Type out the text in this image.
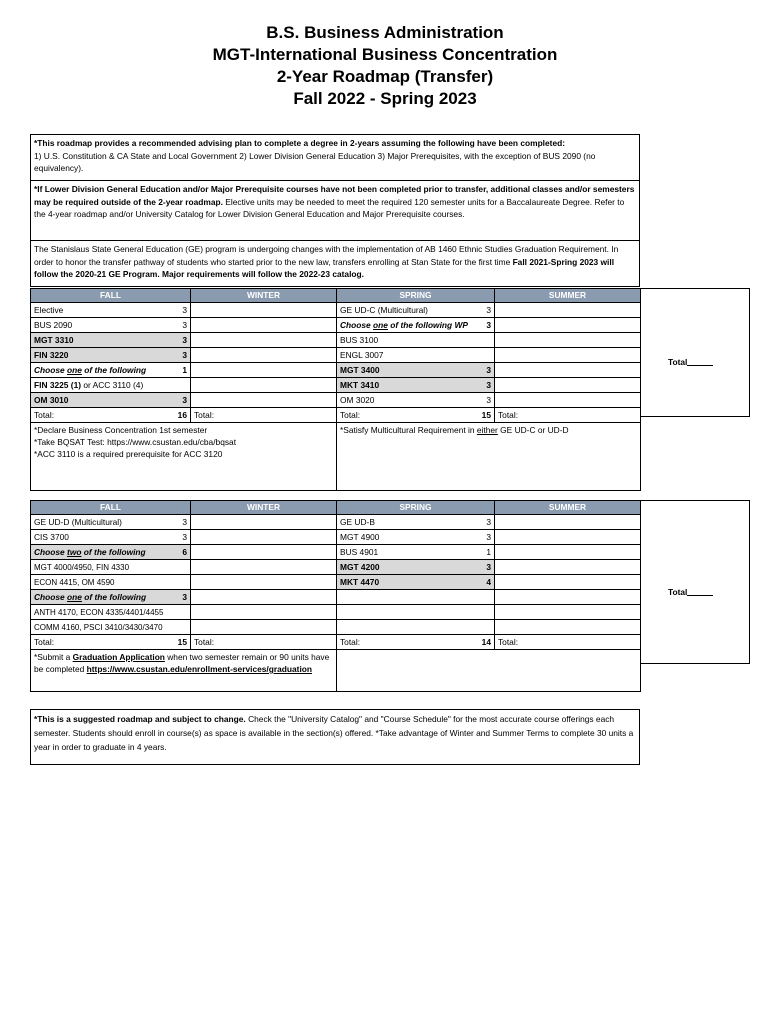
B.S. Business Administration
MGT-International Business Concentration
2-Year Roadmap (Transfer)
Fall 2022 - Spring 2023
*This roadmap provides a recommended advising plan to complete a degree in 2-years assuming the following have been completed:
1) U.S. Constitution & CA State and Local Government 2) Lower Division General Education 3) Major Prerequisites, with the exception of BUS 2090 (no equivalency).
*If Lower Division General Education and/or Major Prerequisite courses have not been completed prior to transfer, additional classes and/or semesters may be required outside of the 2-year roadmap. Elective units may be needed to meet the required 120 semester units for a Baccalaureate Degree. Refer to the 4-year roadmap and/or University Catalog for Lower Division General Education and Major Prerequisite courses.
The Stanislaus State General Education (GE) program is undergoing changes with the implementation of AB 1460 Ethnic Studies Graduation Requirement. In order to honor the transfer pathway of students who started prior to the new law, transfers enrolling at Stan State for the first time Fall 2021-Spring 2023 will follow the 2020-21 GE Program. Major requirements will follow the 2022-23 catalog.
FALL	WINTER	SPRING	SUMMER
Elective 3		GE UD-C (Multicultural) 3	

BUS 2090 3		Choose one of the following WP 3	

MGT 3310 3		BUS 3100	
FIN 3220 3		ENGL 3007	
Choose one of the following 1		MGT 3400 3	

FIN 3225 (1) or ACC 3110 (4)		MKT 3410 3	

OM 3010 3		OM 3020 3	

Total: 16	Total:	Total: 15	Total:

*Declare Business Concentration 1st semester
*Take BQSAT Test: https://www.csustan.edu/cba/bqsat
*ACC 3110 is a required prerequisite for ACC 3120		*Satisfy Multicultural Requirement in either GE UD-C or UD-D	
Total
FALL	WINTER	SPRING	SUMMER
GE UD-D (Multicultural) 3		GE UD-B 3	

CIS 3700 3		MGT 4900 3	

Choose two of the following 6		BUS 4901 1	

MGT 4000/4950, FIN 4330		MGT 4200 3	

ECON 4415, OM 4590		MKT 4470 4	

Choose one of the following 3			

ANTH 4170, ECON 4335/4401/4455			
COMM 4160, PSCI 3410/3430/3470			
Total: 15	Total:	Total: 14	Total:
*Submit a Graduation Application when two semester remain or 90 units have be completed https://www.csustan.edu/enrollment-services/graduation			
Total
*This is a suggested roadmap and subject to change. Check the "University Catalog" and "Course Schedule" for the most accurate course offerings each semester. Students should enroll in course(s) as space is available in the section(s) offered. *Take advantage of Winter and Summer Terms to complete 30 units a year in order to graduate in 4 years.
